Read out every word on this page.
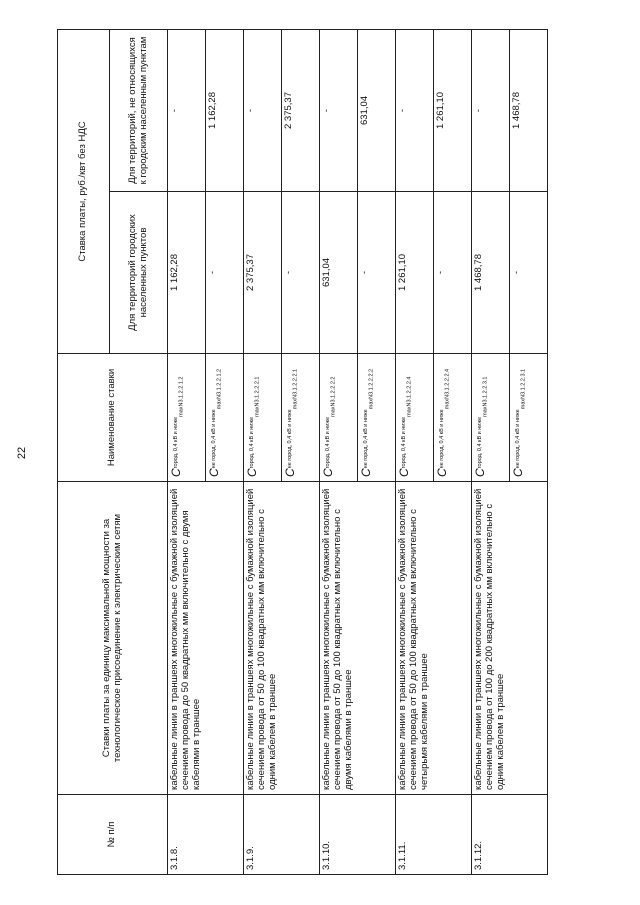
22
№ п/п	Ставки платы за единицу максимальной мощности за технологическое присоединение к электрическим сетям	Наименование ставки	Ставка платы, руб./квт без НДС	
			Для территорий городских населенных пунктов	Для территорий, не относящихся к городским населенным пунктам
3.1.8.	кабельные линии в траншеях многожильные с бумажной изоляцией сечением провода до 50 квадратных мм включительно с двумя кабелями в траншее	$C^{город, 0,4 кВ и ниже}_{maxN3.1.2.2.1.2}$	1 162,28	-
		$C^{не город, 0,4 кВ и ниже}_{maxN3.1.2.2.1.2}$	-	1 162,28
3.1.9.	кабельные линии в траншеях многожильные с бумажной изоляцией сечением провода от 50 до 100 квадратных мм включительно с одним кабелем в траншее	$C^{город, 0,4 кВ и ниже}_{maxN3.1.2.2.2.1}$	2 375,37	-
		$C^{не город, 0,4 кВ и ниже}_{maxN3.1.2.2.2.1}$	-	2 375,37
3.1.10.	кабельные линии в траншеях многожильные с бумажной изоляцией сечением провода от 50 до 100 квадратных мм включительно с двумя кабелями в траншее	$C^{город, 0,4 кВ и ниже}_{maxN3.1.2.2.2.2}$	631,04	-
		$C^{не город, 0,4 кВ и ниже}_{maxN3.1.2.2.2.2}$	-	631,04
3.1.11.	кабельные линии в траншеях многожильные с бумажной изоляцией сечением провода от 50 до 100 квадратных мм включительно с четырьмя кабелями в траншее	$C^{город, 0,4 кВ и ниже}_{maxN3.1.2.2.2.4}$	1 261,10	-
		$C^{не город, 0,4 кВ и ниже}_{maxN3.1.2.2.2.4}$	-	1 261,10
3.1.12.	кабельные линии в траншеях многожильные с бумажной изоляцией сечением провода от 100 до 200 квадратных мм включительно с одним кабелем в траншее	$C^{город, 0,4 кВ и ниже}_{maxN3.1.2.2.3.1}$	1 468,78	-
		$C^{не город, 0,4 кВ и ниже}_{maxN3.1.2.2.3.1}$	-	1 468,78
